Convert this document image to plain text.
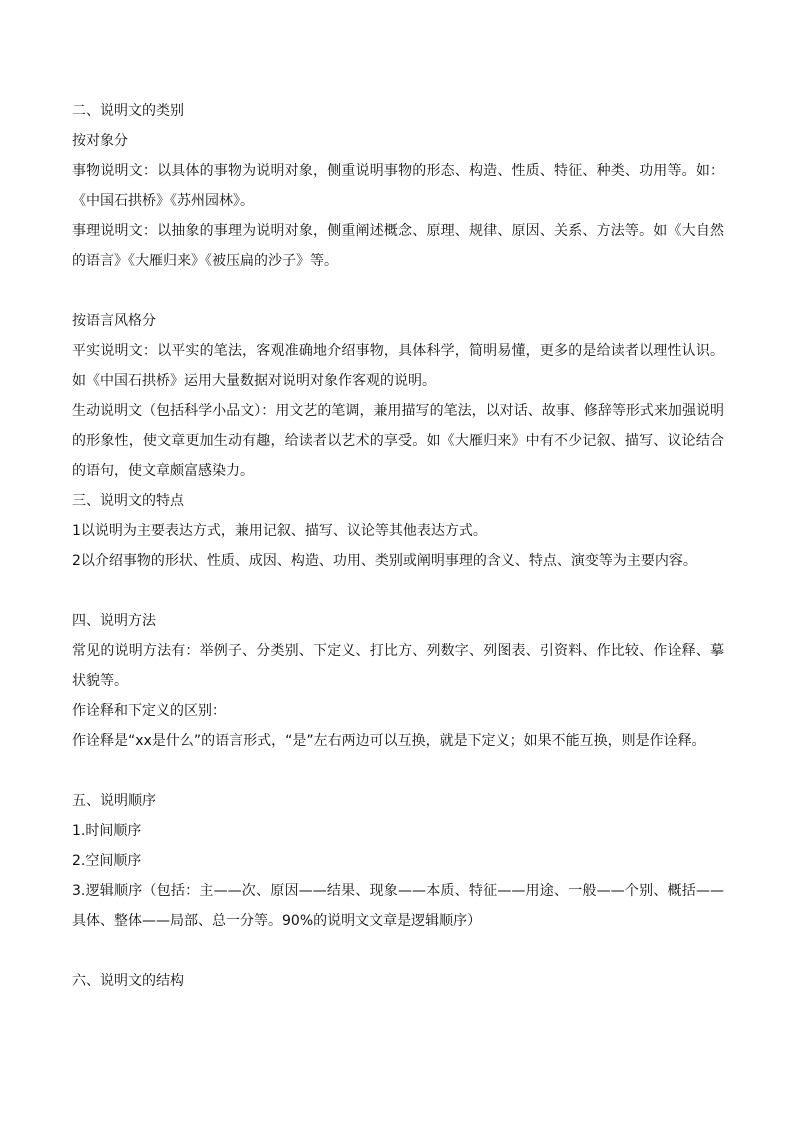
二、说明文的类别

按对象分

事物说明文：以具体的事物为说明对象，侧重说明事物的形态、构造、性质、特征、种类、功用等。如：《中国石拱桥》《苏州园林》。

事理说明文：以抽象的事理为说明对象，侧重阐述概念、原理、规律、原因、关系、方法等。如《大自然的语言》《大雁归来》《被压扁的沙子》等。

按语言风格分

平实说明文：以平实的笔法，客观准确地介绍事物，具体科学，简明易懂，更多的是给读者以理性认识。如《中国石拱桥》运用大量数据对说明对象作客观的说明。

生动说明文（包括科学小品文）：用文艺的笔调，兼用描写的笔法，以对话、故事、修辞等形式来加强说明的形象性，使文章更加生动有趣，给读者以艺术的享受。如《大雁归来》中有不少记叙、描写、议论结合的语句，使文章颇富感染力。

三、说明文的特点

1以说明为主要表达方式，兼用记叙、描写、议论等其他表达方式。

2以介绍事物的形状、性质、成因、构造、功用、类别或阐明事理的含义、特点、演变等为主要内容。

四、说明方法

常见的说明方法有：举例子、分类别、下定义、打比方、列数字、列图表、引资料、作比较、作诠释、摹状貌等。

作诠释和下定义的区别：

作诠释是“xx是什么”的语言形式，“是”左右两边可以互换，就是下定义；如果不能互换，则是作诠释。

五、说明顺序

1.时间顺序

2.空间顺序

3.逻辑顺序（包括：主——次、原因——结果、现象——本质、特征——用途、一般——个别、概括——具体、整体——局部、总一分等。90%的说明文文章是逻辑顺序）

六、说明文的结构
